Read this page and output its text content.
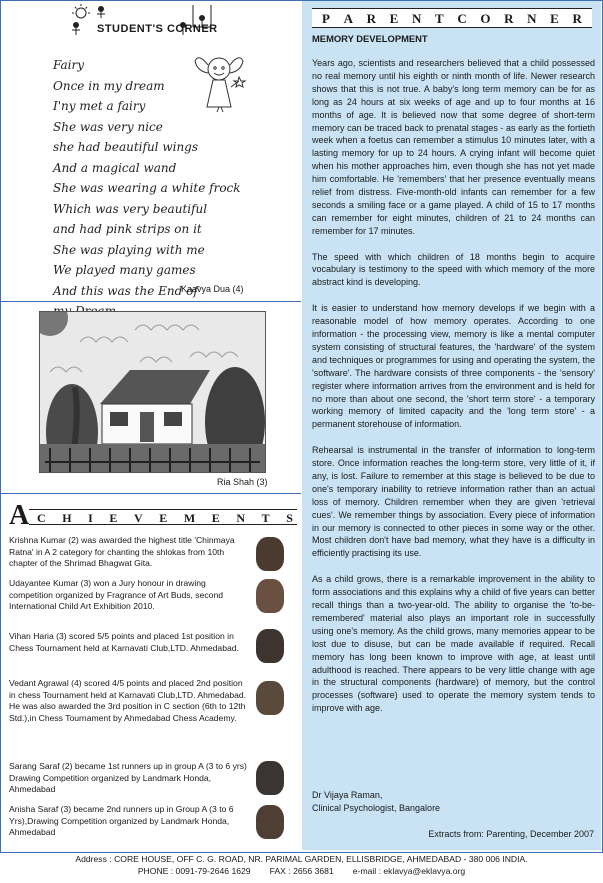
STUDENT'S CORNER
Fairy
Once in my dream
I'ny met a fairy
She was very nice
she had beautiful wings
And a magical wand
She was wearing a white frock
Which was very beautiful
and had pink strips on it
She was playing with me
We played many games
And this was the End of
Kaavya Dua (4)
Ria Shah (3)
A C H I E V E M E N T S
Krishna Kumar (2) was awarded the highest title 'Chinmaya Ratna' in A 2 category for chanting the shlokas from 10th chapter of the Shrimad Bhagwat Gita.
Udayantee Kumar (3) won a Jury honour in drawing competition organized by Fragrance of Art Buds, second International Child Art Exhibition 2010.
Vihan Haria (3) scored 5/5 points and placed 1st position in Chess Tournament held at Karnavati Club,LTD. Ahmedabad.
Vedant Agrawal (4) scored 4/5 points and placed 2nd position in chess Tournament held at Karnavati Club,LTD. Ahmedabad.
He was also awarded the 3rd position in C section (6th to 12th Std.),in Chess Tournament by Ahmedabad Chess Academy.
Sarang Saraf (2) became 1st runners up in group A (3 to 6 yrs) Drawing Competition organized by Landmark Honda, Ahmedabad
Anisha Saraf (3) became 2nd runners up in Group A (3 to 6 Yrs),Drawing Competition organized by Landmark Honda, Ahmedabad
P A R E N T C O R N E R
MEMORY DEVELOPMENT

Years ago, scientists and researchers believed that a child possessed no real memory until his eighth or ninth month of life. Newer research shows that this is not true. A baby's long term memory can be for as long as 24 hours at six weeks of age and up to four months at 16 months of age. It is believed now that some degree of short-term memory can be traced back to prenatal stages - as early as the fortieth week when a foetus can remember a stimulus 10 minutes later, with a lasting memory for up to 24 hours. A crying infant will become quiet when his mother approaches him, even though she has not yet made him comfortable. He 'remembers' that her presence eventually means relief from distress. Five-month-old infants can remember for a few seconds a smiling face or a game played. A child of 15 to 17 months can remember for eight minutes, children of 21 to 24 months can remember for 17 minutes.

The speed with which children of 18 months begin to acquire vocabulary is testimony to the speed with which memory of the more abstract kind is developing.

It is easier to understand how memory develops if we begin with a reasonable model of how memory operates. According to one information - the processing view, memory is like a mental computer system consisting of structural features, the 'hardware' of the system and techniques or programmes for using and operating the system, the 'software'. The hardware consists of three components - the 'sensory' register where information arrives from the environment and is held for no more than about one second, the 'short term store' - a temporary working memory of limited capacity and the 'long term store' - a permanent storehouse of information.

Rehearsal is instrumental in the transfer of information to long-term store. Once information reaches the long-term store, very little of it, if any, is lost. Failure to remember at this stage is believed to be due to one's temporary inability to retrieve information rather than an actual loss of memory. Children remember when they are given 'retrieval cues'. We remember things by association. Every piece of information in our memory is connected to other pieces in some way or the other. Most children don't have bad memory, what they have is a difficulty in efficiently practising its use.

As a child grows, there is a remarkable improvement in the ability to form associations and this explains why a child of five years can better recall things than a two-year-old. The ability to organise the 'to-be-remembered' material also plays an important role in successfully using one's memory. As the child grows, many memories appear to be lost due to disuse, but can be made available if required. Recall memory has long been known to improve with age, at least until adulthood is reached. There appears to be very little change with age in the structural components (hardware) of memory, but the control processes (software) used to operate the memory system tends to improve with age.

Dr Vijaya Raman,
Clinical Psychologist, Bangalore
Extracts from: Parenting, December 2007
Address : CORE HOUSE, OFF C. G. ROAD, NR. PARIMAL GARDEN, ELLISBRIDGE, AHMEDABAD - 380 006 INDIA.
PHONE : 0091-79-2646 1629        FAX : 2656 3681        e-mail : eklavya@eklavya.org
